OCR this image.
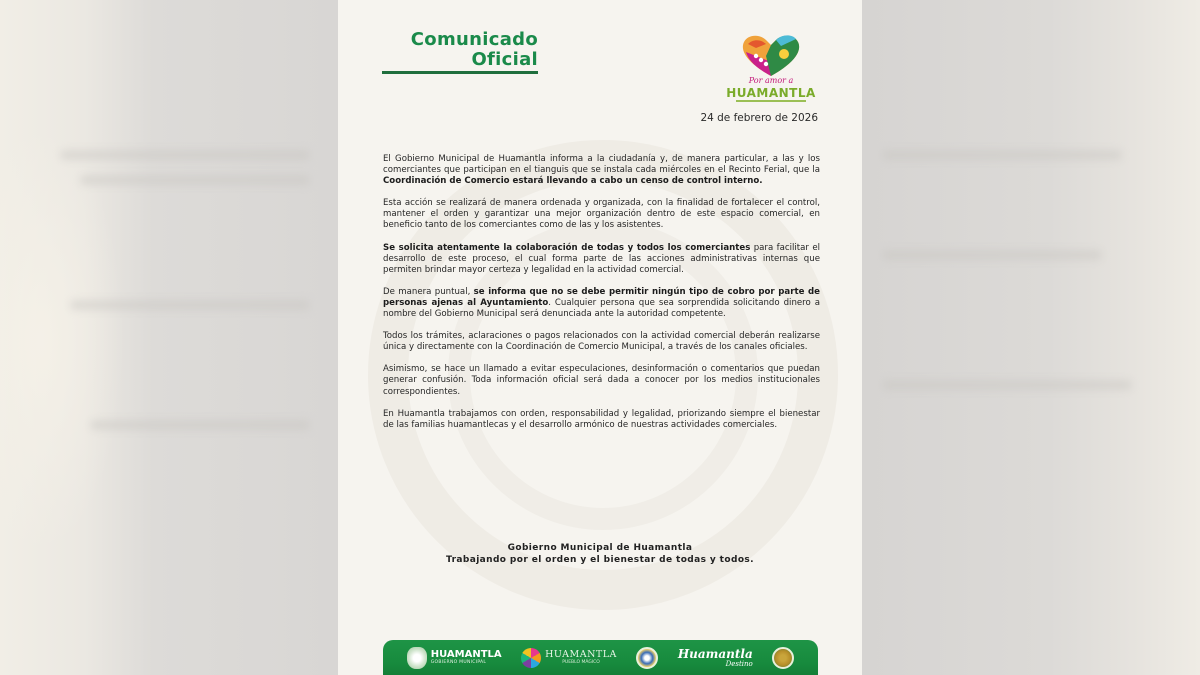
Comunicado
Oficial
Por amor a
HUAMANTLA
24 de febrero de 2026

El Gobierno Municipal de Huamantla informa a la ciudadanía y, de manera particular, a las y los comerciantes que participan en el tianguis que se instala cada miércoles en el Recinto Ferial, que la Coordinación de Comercio estará llevando a cabo un censo de control interno.

Esta acción se realizará de manera ordenada y organizada, con la finalidad de fortalecer el control, mantener el orden y garantizar una mejor organización dentro de este espacio comercial, en beneficio tanto de los comerciantes como de las y los asistentes.

Se solicita atentamente la colaboración de todas y todos los comerciantes para facilitar el desarrollo de este proceso, el cual forma parte de las acciones administrativas internas que permiten brindar mayor certeza y legalidad en la actividad comercial.

De manera puntual, se informa que no se debe permitir ningún tipo de cobro por parte de personas ajenas al Ayuntamiento. Cualquier persona que sea sorprendida solicitando dinero a nombre del Gobierno Municipal será denunciada ante la autoridad competente.

Todos los trámites, aclaraciones o pagos relacionados con la actividad comercial deberán realizarse única y directamente con la Coordinación de Comercio Municipal, a través de los canales oficiales.

Asimismo, se hace un llamado a evitar especulaciones, desinformación o comentarios que puedan generar confusión. Toda información oficial será dada a conocer por los medios institucionales correspondientes.

En Huamantla trabajamos con orden, responsabilidad y legalidad, priorizando siempre el bienestar de las familias huamantlecas y el desarrollo armónico de nuestras actividades comerciales.

Gobierno Municipal de Huamantla
Trabajando por el orden y el bienestar de todas y todos.
HUAMANTLA
GOBIERNO MUNICIPAL
HUAMANTLA
PUEBLO MÁGICO
Huamantla
Destino
